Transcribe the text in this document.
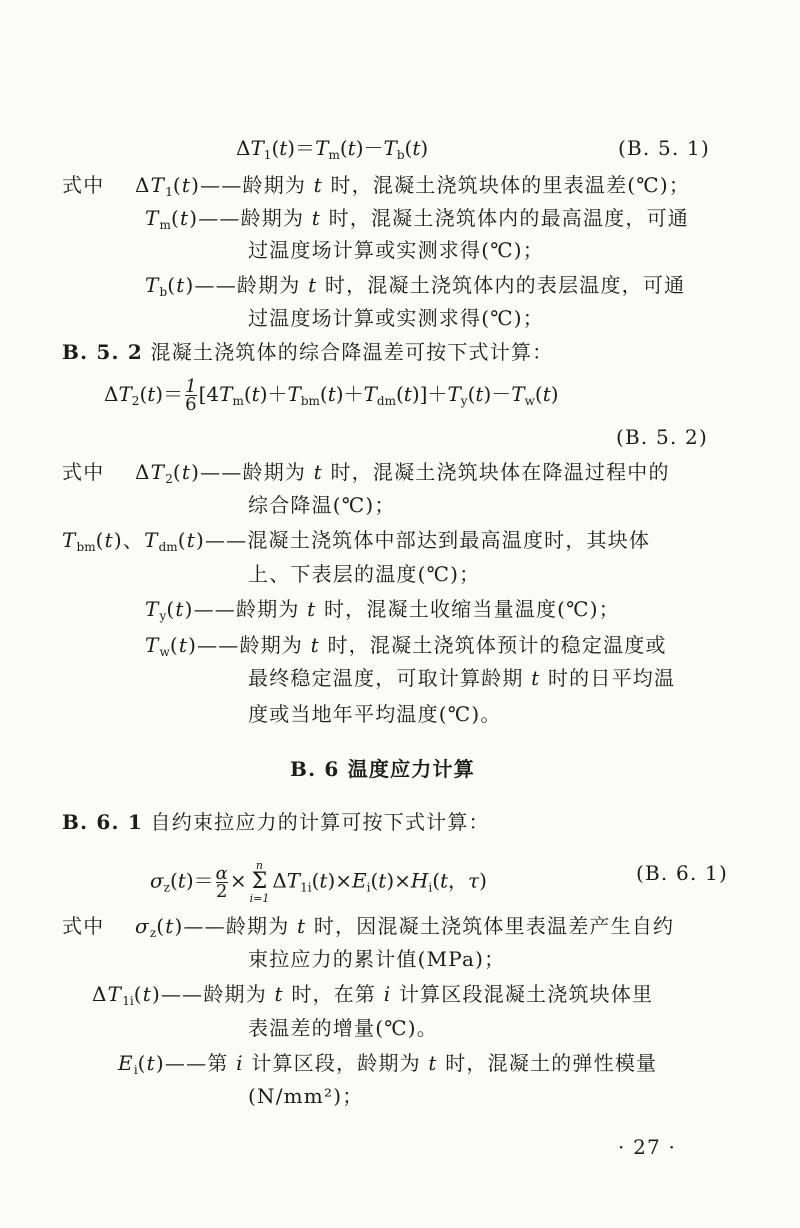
$\Delta T_1(t)=T_m(t)-T_b(t)$	(B. 5. 1)
式中 $\Delta T_1(t)——$龄期为 t 时，混凝土浇筑块体的里表温差(℃)；
$T_m(t)——$龄期为 t 时，混凝土浇筑体内的最高温度，可通
过温度场计算或实测求得(℃)；
$T_b(t)——$龄期为 t 时，混凝土浇筑体内的表层温度，可通
过温度场计算或实测求得(℃)；
B. 5. 2 混凝土浇筑体的综合降温差可按下式计算：
$\Delta T_2(t)= \frac{1}{6} [4T_m(t)+T_{bm}(t)+T_{dm}(t)]+T_y(t)-T_w(t)$
(B. 5. 2)
式中 $\Delta T_2(t)——$龄期为 t 时，混凝土浇筑块体在降温过程中的
综合降温(℃)；
$T_{bm}(t)$、$T_{dm}(t)——$混凝土浇筑体中部达到最高温度时，其块体
上、下表层的温度(℃)；
$T_y(t)——$龄期为 t 时，混凝土收缩当量温度(℃)；
$T_w(t)——$龄期为 t 时，混凝土浇筑体预计的稳定温度或
最终稳定温度，可取计算龄期 t 时的日平均温
度或当地年平均温度(℃)。
B. 6 温度应力计算
B. 6. 1 自约束拉应力的计算可按下式计算：
$\sigma_z(t)= \frac{\alpha}{2}$ ×
n
Σ
i=1
$\Delta T_{1i}(t)\times E_i(t)\times H_i(t$，τ)	(B. 6. 1)
式中 $\sigma_z(t)——$龄期为 t 时，因混凝土浇筑体里表温差产生自约
束拉应力的累计值(MPa)；
$\Delta T_{1i}(t)——$龄期为 t 时，在第 i 计算区段混凝土浇筑块体里
表温差的增量(℃)。
$E_i(t)——$第 i 计算区段，龄期为 t 时，混凝土的弹性模量
(N/mm²)；
· 27 ·
